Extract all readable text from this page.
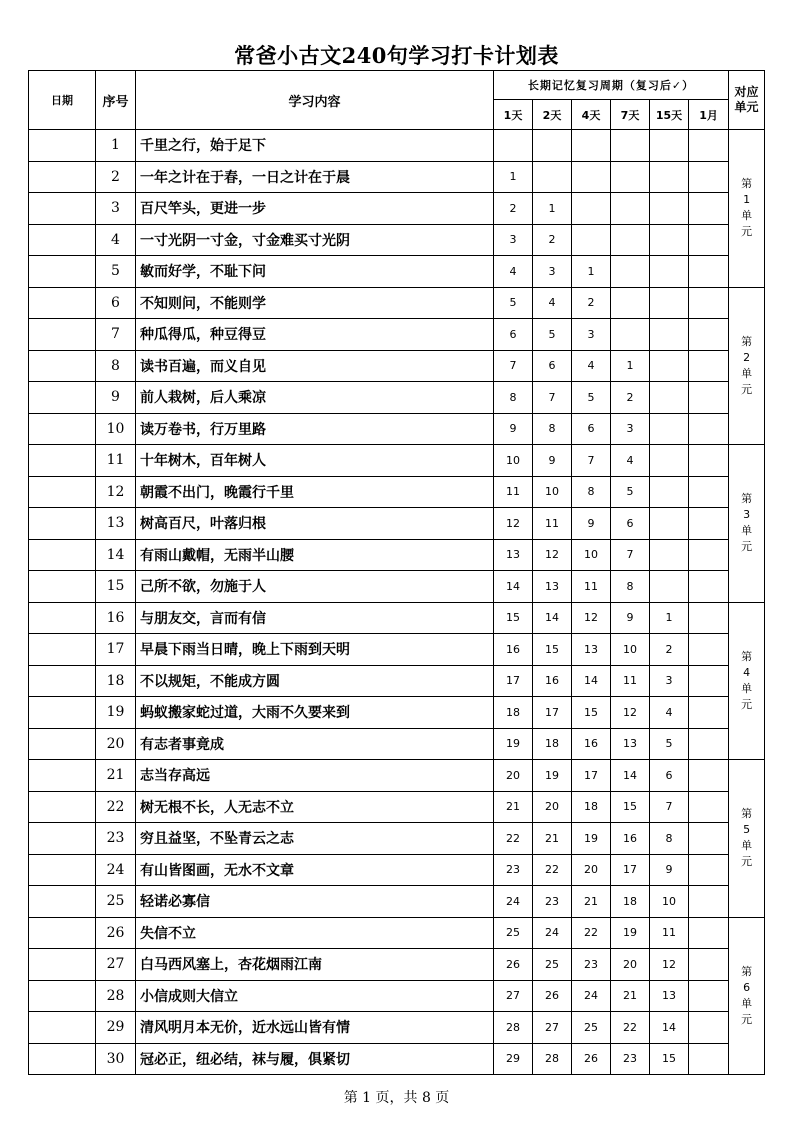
常爸小古文240句学习打卡计划表
日期	序号	学习内容	长期记忆复习周期（复习后✓）						对应单元
			1天	2天	4天	7天	15天	1月	
	1	千里之行，始于足下							第1单元

	2	一年之计在于春，一日之计在于晨	1						
	3	百尺竿头，更进一步	2	1					
	4	一寸光阴一寸金，寸金难买寸光阴	3	2					
	5	敏而好学，不耻下问	4	3	1				
	6	不知则问，不能则学	5	4	2				第2单元

	7	种瓜得瓜，种豆得豆	6	5	3				
	8	读书百遍，而义自见	7	6	4	1			
	9	前人栽树，后人乘凉	8	7	5	2			
	10	读万卷书，行万里路	9	8	6	3			
	11	十年树木，百年树人	10	9	7	4			第3单元

	12	朝霞不出门，晚霞行千里	11	10	8	5			
	13	树高百尺，叶落归根	12	11	9	6			
	14	有雨山戴帽，无雨半山腰	13	12	10	7			
	15	己所不欲，勿施于人	14	13	11	8			
	16	与朋友交，言而有信	15	14	12	9	1		第4单元

	17	早晨下雨当日晴，晚上下雨到天明	16	15	13	10	2		
	18	不以规矩，不能成方圆	17	16	14	11	3		
	19	蚂蚁搬家蛇过道，大雨不久要来到	18	17	15	12	4		
	20	有志者事竟成	19	18	16	13	5		
	21	志当存高远	20	19	17	14	6		第5单元

	22	树无根不长，人无志不立	21	20	18	15	7		
	23	穷且益坚，不坠青云之志	22	21	19	16	8		
	24	有山皆图画，无水不文章	23	22	20	17	9		
	25	轻诺必寡信	24	23	21	18	10		
	26	失信不立	25	24	22	19	11		第6单元

	27	白马西风塞上，杏花烟雨江南	26	25	23	20	12		
	28	小信成则大信立	27	26	24	21	13		
	29	清风明月本无价，近水远山皆有情	28	27	25	22	14		
	30	冠必正，纽必结，袜与履，俱紧切	29	28	26	23	15		
第 1 页，共 8 页
